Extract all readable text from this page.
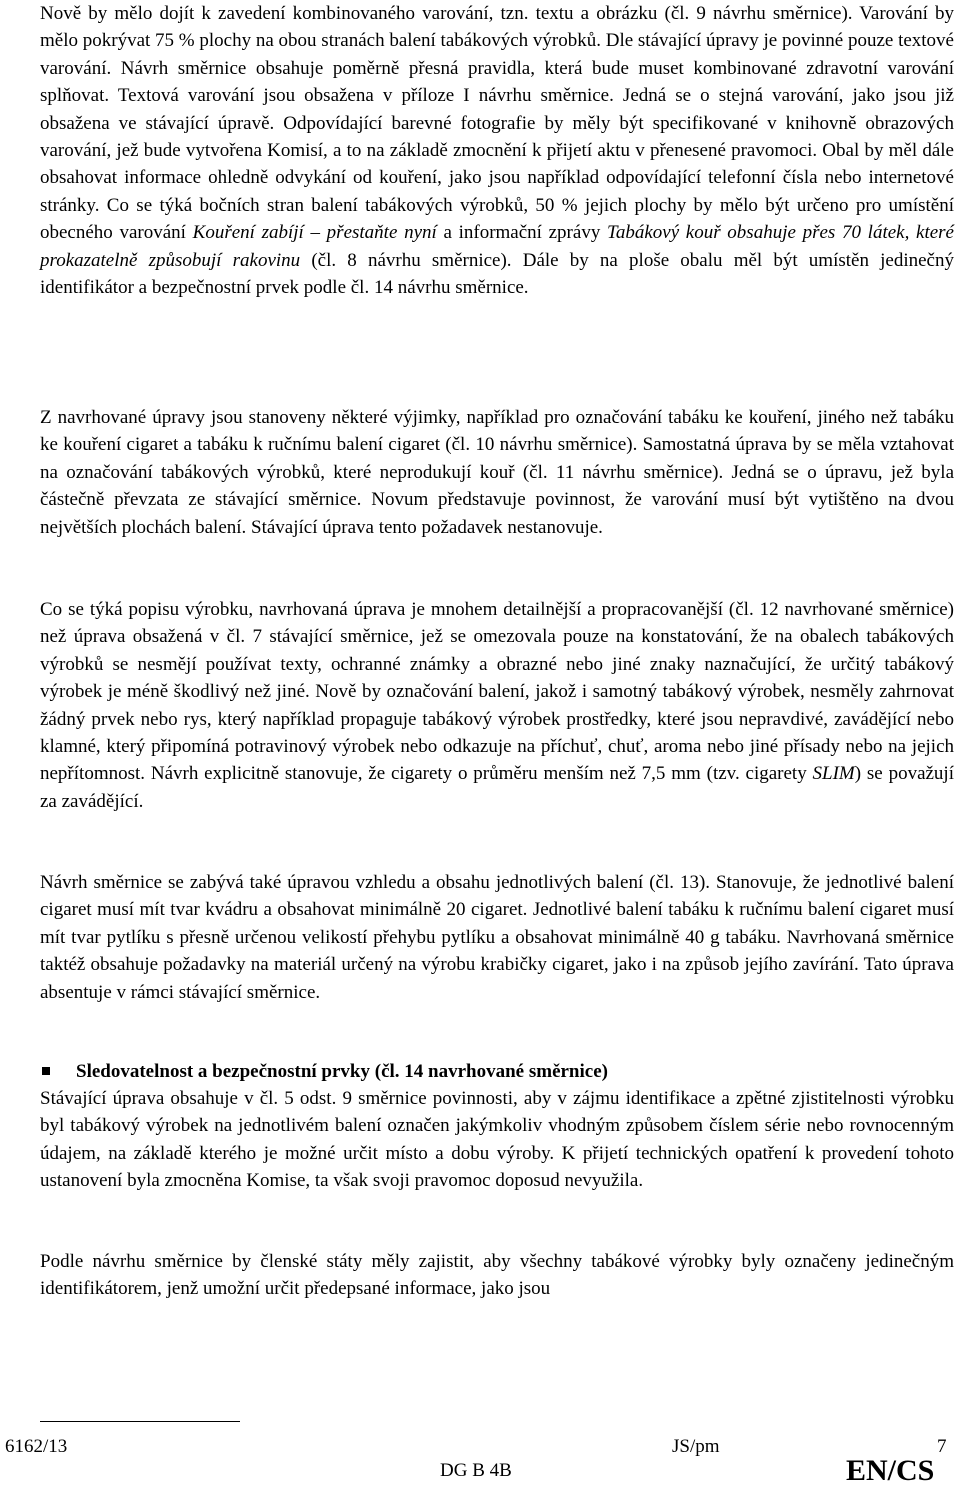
Nově by mělo dojít k zavedení kombinovaného varování, tzn. textu a obrázku (čl. 9 návrhu směrnice). Varování by mělo pokrývat 75 % plochy na obou stranách balení tabákových výrobků. Dle stávající úpravy je povinné pouze textové varování. Návrh směrnice obsahuje poměrně přesná pravidla, která bude muset kombinované zdravotní varování splňovat. Textová varování jsou obsažena v příloze I návrhu směrnice. Jedná se o stejná varování, jako jsou již obsažena ve stávající úpravě. Odpovídající barevné fotografie by měly být specifikované v knihovně obrazových varování, jež bude vytvořena Komisí, a to na základě zmocnění k přijetí aktu v přenesené pravomoci. Obal by měl dále obsahovat informace ohledně odvykání od kouření, jako jsou například odpovídající telefonní čísla nebo internetové stránky. Co se týká bočních stran balení tabákových výrobků, 50 % jejich plochy by mělo být určeno pro umístění obecného varování Kouření zabíjí – přestaňte nyní a informační zprávy Tabákový kouř obsahuje přes 70 látek, které prokazatelně způsobují rakovinu (čl. 8 návrhu směrnice). Dále by na ploše obalu měl být umístěn jedinečný identifikátor a bezpečnostní prvek podle čl. 14 návrhu směrnice.

Z navrhované úpravy jsou stanoveny některé výjimky, například pro označování tabáku ke kouření, jiného než tabáku ke kouření cigaret a tabáku k ručnímu balení cigaret (čl. 10 návrhu směrnice). Samostatná úprava by se měla vztahovat na označování tabákových výrobků, které neprodukují kouř (čl. 11 návrhu směrnice). Jedná se o úpravu, jež byla částečně převzata ze stávající směrnice. Novum představuje povinnost, že varování musí být vytištěno na dvou největších plochách balení. Stávající úprava tento požadavek nestanovuje.

Co se týká popisu výrobku, navrhovaná úprava je mnohem detailnější a propracovanější (čl. 12 navrhované směrnice) než úprava obsažená v čl. 7 stávající směrnice, jež se omezovala pouze na konstatování, že na obalech tabákových výrobků se nesmějí používat texty, ochranné známky a obrazné nebo jiné znaky naznačující, že určitý tabákový výrobek je méně škodlivý než jiné. Nově by označování balení, jakož i samotný tabákový výrobek, nesměly zahrnovat žádný prvek nebo rys, který například propaguje tabákový výrobek prostředky, které jsou nepravdivé, zavádějící nebo klamné, který připomíná potravinový výrobek nebo odkazuje na příchuť, chuť, aroma nebo jiné přísady nebo na jejich nepřítomnost. Návrh explicitně stanovuje, že cigarety o průměru menším než 7,5 mm (tzv. cigarety SLIM) se považují za zavádějící.

Návrh směrnice se zabývá také úpravou vzhledu a obsahu jednotlivých balení (čl. 13). Stanovuje, že jednotlivé balení cigaret musí mít tvar kvádru a obsahovat minimálně 20 cigaret. Jednotlivé balení tabáku k ručnímu balení cigaret musí mít tvar pytlíku s přesně určenou velikostí přehybu pytlíku a obsahovat minimálně 40 g tabáku. Navrhovaná směrnice taktéž obsahuje požadavky na materiál určený na výrobu krabičky cigaret, jako i na způsob jejího zavírání. Tato úprava absentuje v rámci stávající směrnice.

Sledovatelnost a bezpečnostní prvky (čl. 14 navrhované směrnice)

Stávající úprava obsahuje v čl. 5 odst. 9 směrnice povinnosti, aby v zájmu identifikace a zpětné zjistitelnosti výrobku byl tabákový výrobek na jednotlivém balení označen jakýmkoliv vhodným způsobem číslem série nebo rovnocenným údajem, na základě kterého je možné určit místo a dobu výroby. K přijetí technických opatření k provedení tohoto ustanovení byla zmocněna Komise, ta však svoji pravomoc doposud nevyužila.

Podle návrhu směrnice by členské státy měly zajistit, aby všechny tabákové výrobky byly označeny jedinečným identifikátorem, jenž umožní určit předepsané informace, jako jsou

6162/13	JS/pm	7
DG B 4B	EN/CS
